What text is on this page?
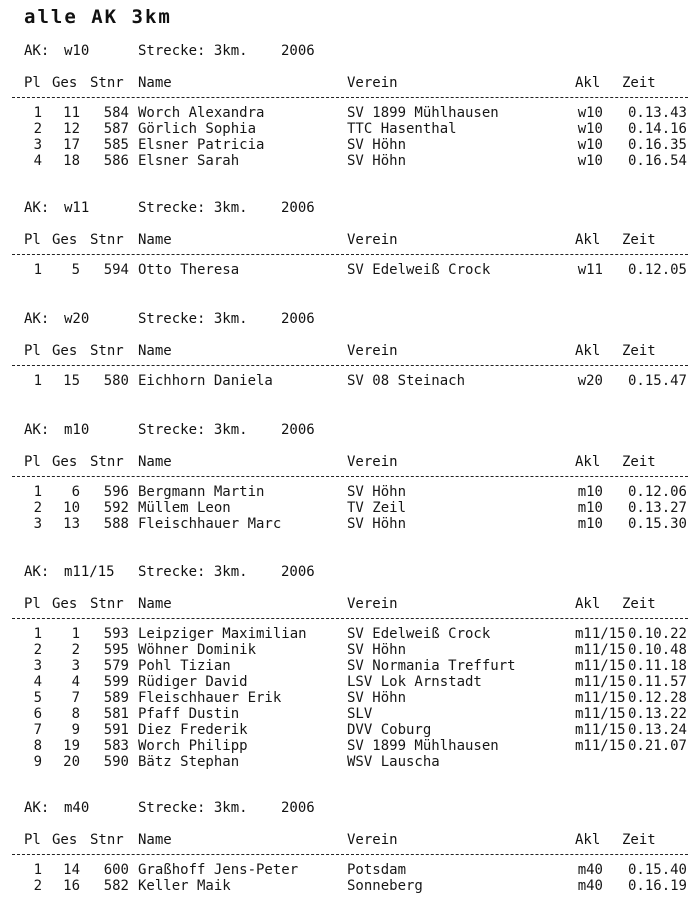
alle AK 3km
AK: w10	Strecke: 3km. 2006
Pl Ges Stnr Name	Verein	Akl Zeit
1	11	584 Worch Alexandra	SV 1899 Mühlhausen	w10	0.13.43
2	12	587 Görlich Sophia	TTC Hasenthal	w10	0.14.16
3	17	585 Elsner Patricia	SV Höhn	w10	0.16.35
4	18	586 Elsner Sarah	SV Höhn	w10	0.16.54
AK: w11	Strecke: 3km. 2006
Pl Ges Stnr Name	Verein	Akl Zeit
1	5	594 Otto Theresa	SV Edelweiß Crock	w11	0.12.05
AK: w20	Strecke: 3km. 2006
Pl Ges Stnr Name	Verein	Akl Zeit
1	15	580 Eichhorn Daniela	SV 08 Steinach	w20	0.15.47
AK: m10	Strecke: 3km. 2006
Pl Ges Stnr Name	Verein	Akl Zeit
1	6	596 Bergmann Martin	SV Höhn	m10	0.12.06
2	10	592 Müllem Leon	TV Zeil	m10	0.13.27
3	13	588 Fleischhauer Marc	SV Höhn	m10	0.15.30
AK: m11/15 Strecke: 3km. 2006
Pl Ges Stnr Name	Verein	Akl Zeit
1	1	593 Leipziger Maximilian	SV Edelweiß Crock	m11/15 0.10.22
2	2	595 Wöhner Dominik	SV Höhn	m11/15 0.10.48
3	3	579 Pohl Tizian	SV Normania Treffurt	m11/15 0.11.18
4	4	599 Rüdiger David	LSV Lok Arnstadt	m11/15 0.11.57
5	7	589 Fleischhauer Erik	SV Höhn	m11/15 0.12.28
6	8	581 Pfaff Dustin	SLV	m11/15 0.13.22
7	9	591 Diez Frederik	DVV Coburg	m11/15 0.13.24
8	19	583 Worch Philipp	SV 1899 Mühlhausen	m11/15 0.21.07
9	20	590 Bätz Stephan	WSV Lauscha
AK: m40	Strecke: 3km. 2006
Pl Ges Stnr Name	Verein	Akl Zeit
1	14	600 Graßhoff Jens-Peter	Potsdam	m40	0.15.40
2	16	582 Keller Maik	Sonneberg	m40	0.16.19
